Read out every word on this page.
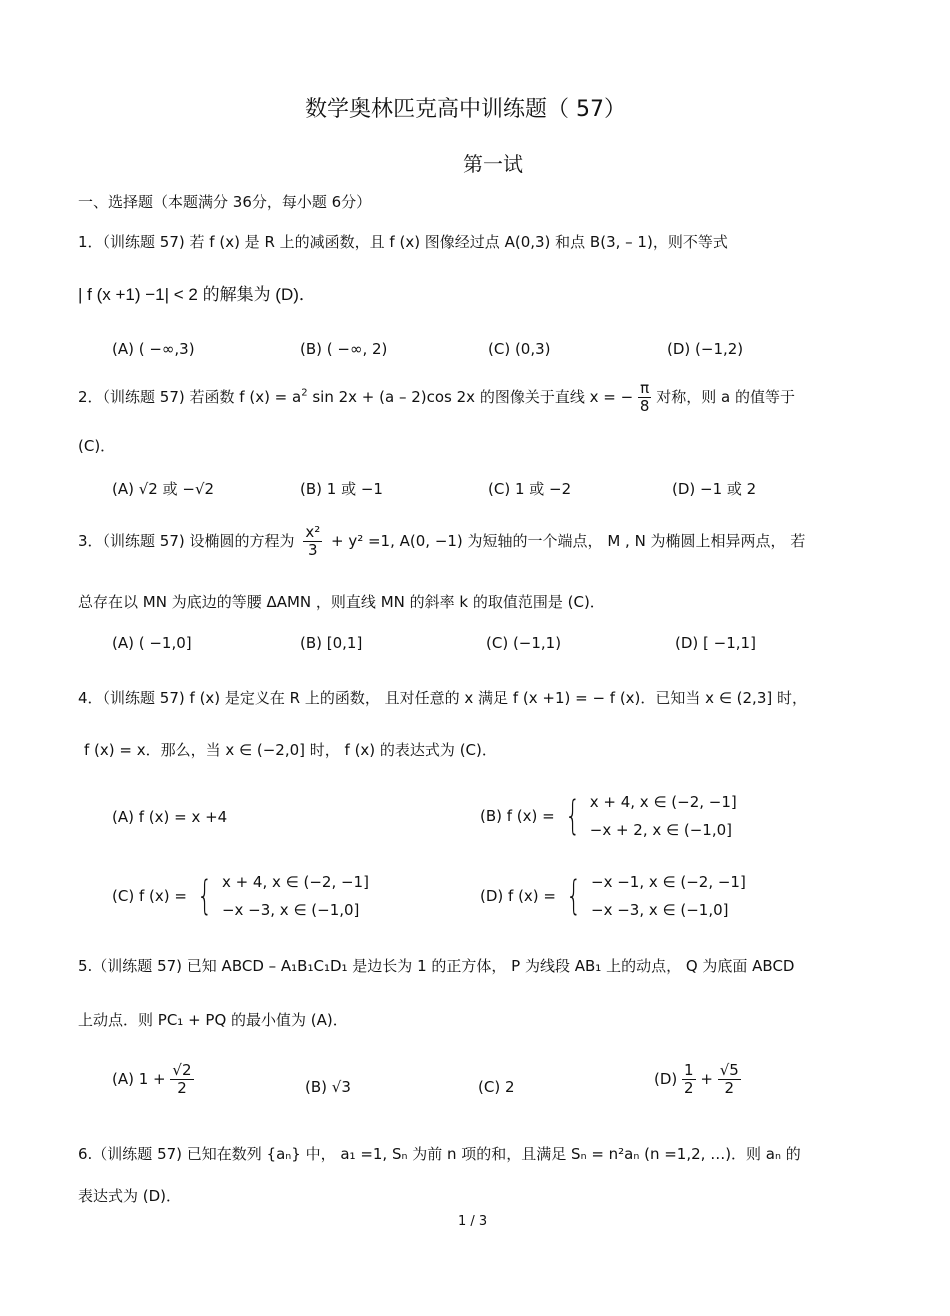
数学奥林匹克高中训练题（ 57）
第一试
一、选择题（本题满分 36分，每小题 6分）
1．（训练题 57) 若 f (x) 是 R 上的减函数，且 f (x) 图像经过点 A(0,3) 和点 B(3, – 1)，则不等式
| f (x +1) −1| < 2 的解集为 (D)．
(A) ( −∞,3)	(B) ( −∞, 2)	(C) (0,3)	(D) (−1,2)
2．（训练题 57) 若函数 f $(x) = a^2$ sin 2x + (a – 2)cos 2x 的图像关于直线 x = − $\frac{\pi}{8}$ 对称，则 a 的值等于
(C)．
(A) √2 或 −√2	(B) 1 或 −1	(C) 1 或 −2	(D) −1 或 2
3．（训练题 57) 设椭圆的方程为 $\frac{\text{x²}}{3} + y^2 =1$, A(0, −1) 为短轴的一个端点， M , N 为椭圆上相异两点， 若
总存在以 MN 为底边的等腰 ΔAMN ，则直线 MN 的斜率 k 的取值范围是 (C)．
(A) ( −1,0]	(B) [0,1]	(C) (−1,1)	(D) [ −1,1]
4．（训练题 57) f (x) 是定义在 R 上的函数， 且对任意的 x 满足 f (x +1) = − f (x)．已知当 x ∈ (2,3] 时，
f (x) = x．那么，当 x ∈ (−2,0] 时， f (x) 的表达式为 (C)．
(A) f (x) = x +4	(B) f (x) = { x + 4, x ∈ (−2, −1]
−x + 2, x ∈ (−1,0]
(C) f (x) = { x + 4, x ∈ (−2, −1]
−x −3, x ∈ (−1,0]
(D) f (x) = { −x −1, x ∈ (−2, −1]
−x −3, x ∈ (−1,0]
5.（训练题 57) 已知 ABCD – A₁B₁C₁D₁ 是边长为 1 的正方体， P 为线段 AB₁ 上的动点， Q 为底面 ABCD
上动点．则 PC₁ + PQ 的最小值为 (A)．
(A) $1 + \frac{√2}{2}$	(B) √3	(C) 2	$(D) \frac{1}{2} + \frac{√5}{2}$
6.（训练题 57) 已知在数列 {aₙ} 中， a₁ =1, Sₙ 为前 n 项的和，且满足 Sₙ = n²aₙ (n =1,2, …)．则 aₙ 的
表达式为 (D)．
1 / 3
